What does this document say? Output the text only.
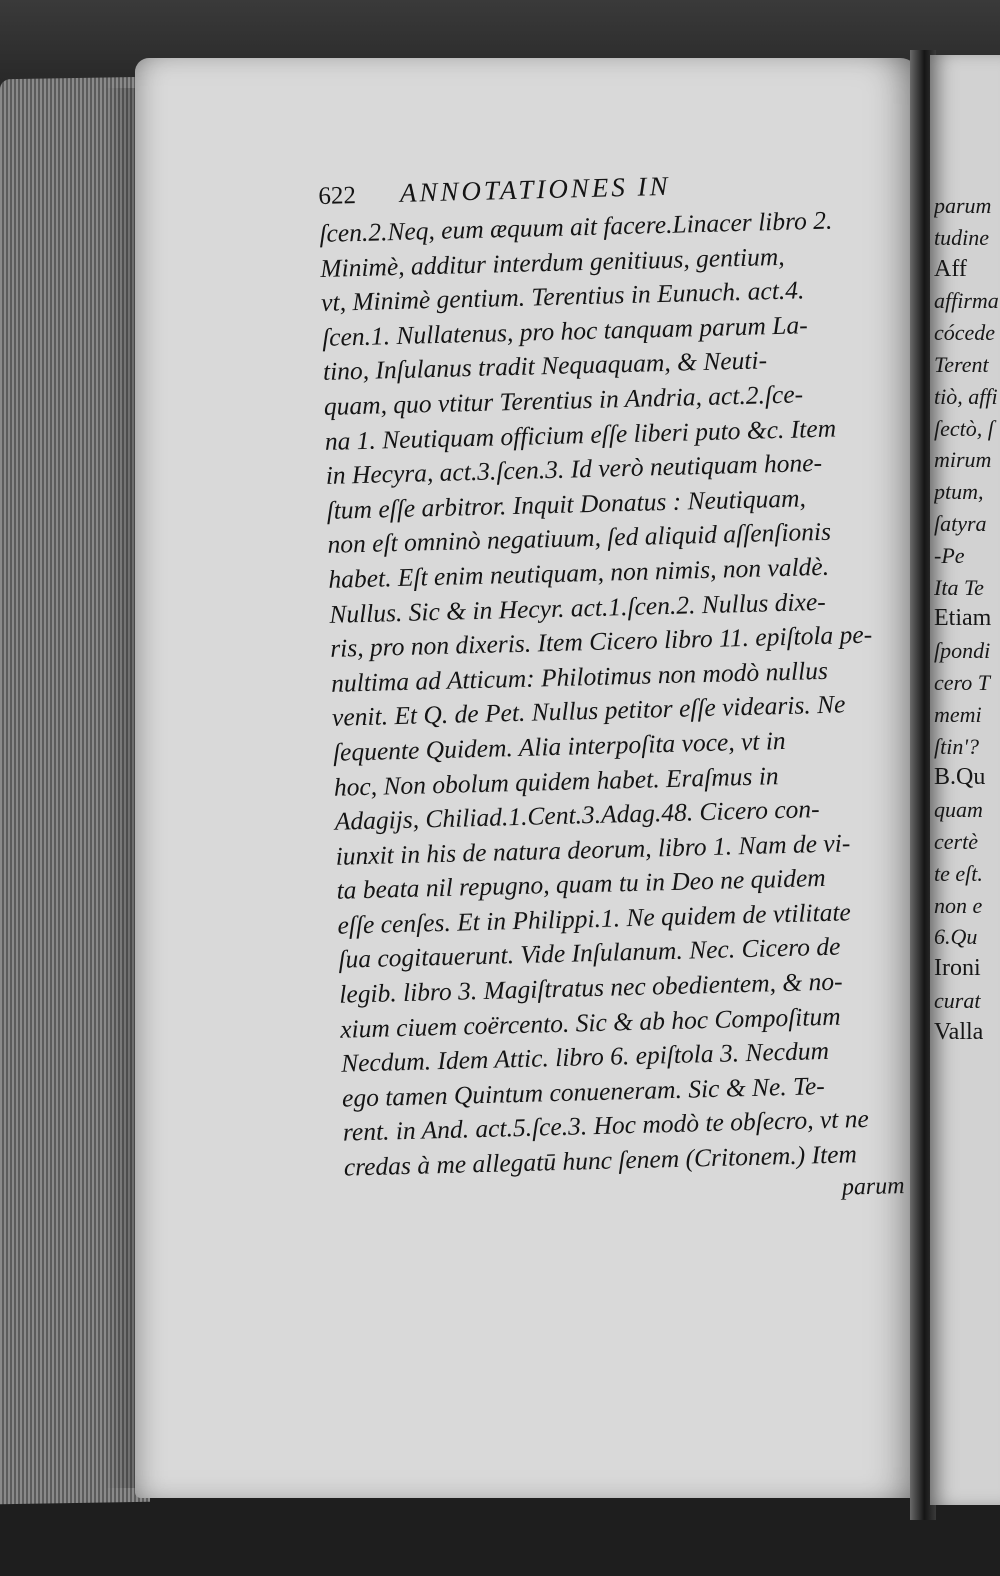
622 ANNOTATIONES IN
ſcen.2.Neq, eum æquum ait facere.Linacer libro 2.
Minimè, additur interdum genitiuus, gentium,
vt, Minimè gentium. Terentius in Eunuch. act.4.
ſcen.1. Nullatenus, pro hoc tanquam parum La-
tino, Inſulanus tradit Nequaquam, & Neuti-
quam, quo vtitur Terentius in Andria, act.2.ſce-
na 1. Neutiquam officium eſſe liberi puto &c. Item
in Hecyra, act.3.ſcen.3. Id verò neutiquam hone-
ſtum eſſe arbitror. Inquit Donatus : Neutiquam,
non eſt omninò negatiuum, ſed aliquid aſſenſionis
habet. Eſt enim neutiquam, non nimis, non valdè.
Nullus. Sic & in Hecyr. act.1.ſcen.2. Nullus dixe-
ris, pro non dixeris. Item Cicero libro 11. epiſtola pe-
nultima ad Atticum: Philotimus non modò nullus
venit. Et Q. de Pet. Nullus petitor eſſe videaris. Ne
ſequente Quidem. Alia interpoſita voce, vt in
hoc, Non obolum quidem habet. Eraſmus in
Adagijs, Chiliad.1.Cent.3.Adag.48. Cicero con-
iunxit in his de natura deorum, libro 1. Nam de vi-
ta beata nil repugno, quam tu in Deo ne quidem
eſſe cenſes. Et in Philippi.1. Ne quidem de vtilitate
ſua cogitauerunt. Vide Inſulanum. Nec. Cicero de
legib. libro 3. Magiſtratus nec obedientem, & no-
xium ciuem coërcento. Sic & ab hoc Compoſitum
Necdum. Idem Attic. libro 6. epiſtola 3. Necdum
ego tamen Quintum conueneram. Sic & Ne. Te-
rent. in And. act.5.ſce.3. Hoc modò te obſecro, vt ne
credas à me allegatū hunc ſenem (Critonem.) Item
parum
parum
tudine
Aff
affirma
cócede
Terent
tiò, affi
ſectò, ſ
mirum
ptum,
ſatyra
-Pe
Ita Te
Etiam
ſpondi
cero T
memi
ſtin'?
B.Qu
quam
certè
te eſt.
non e
6.Qu
Ironi
curat
Valla
